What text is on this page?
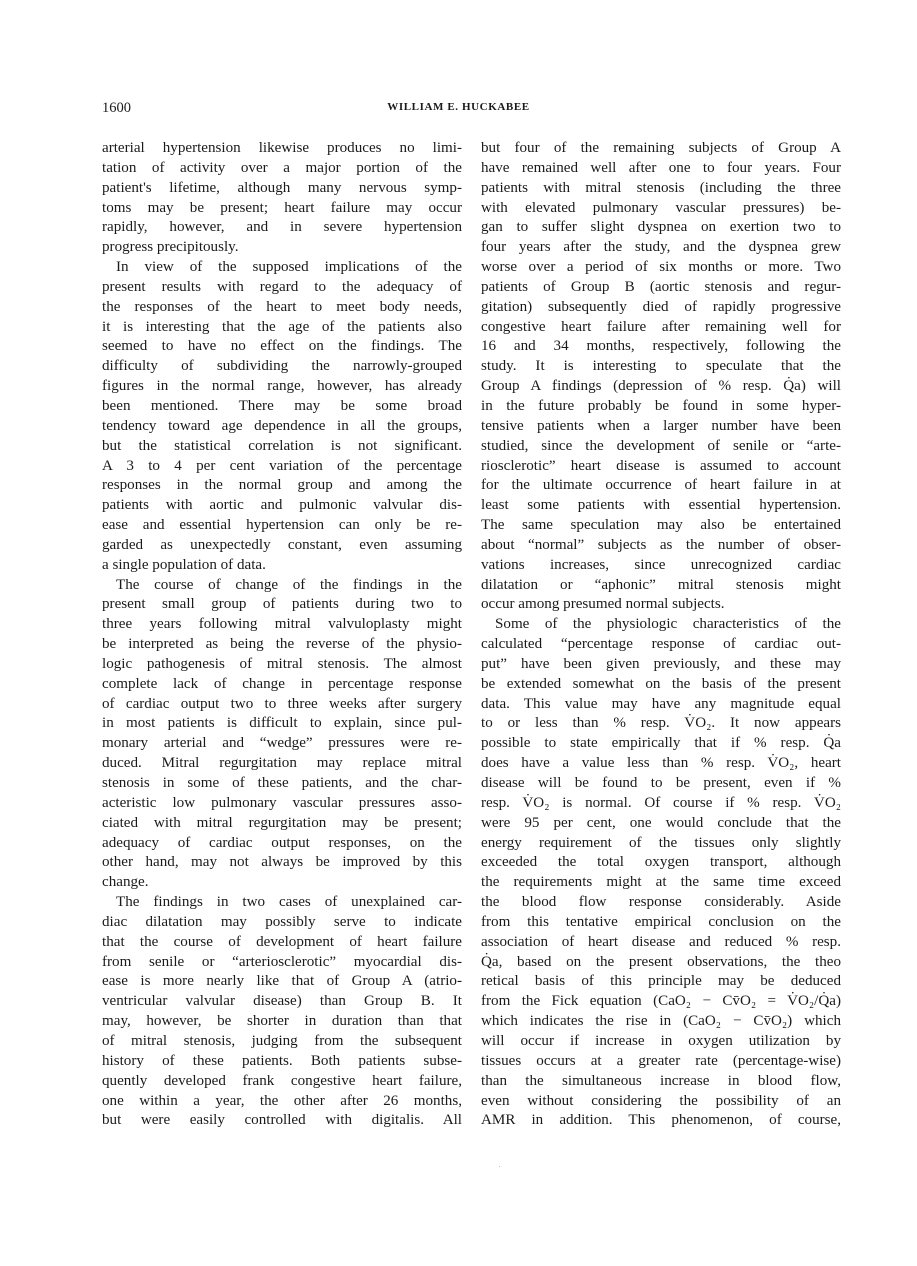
1600	WILLIAM E. HUCKABEE
arterial hypertension likewise produces no limi-
tation of activity over a major portion of the
patient's lifetime, although many nervous symp-
toms may be present; heart failure may occur
rapidly, however, and in severe hypertension
progress precipitously.
In view of the supposed implications of the
present results with regard to the adequacy of
the responses of the heart to meet body needs,
it is interesting that the age of the patients also
seemed to have no effect on the findings. The
difficulty of subdividing the narrowly-grouped
figures in the normal range, however, has already
been mentioned. There may be some broad
tendency toward age dependence in all the groups,
but the statistical correlation is not significant.
A 3 to 4 per cent variation of the percentage
responses in the normal group and among the
patients with aortic and pulmonic valvular dis-
ease and essential hypertension can only be re-
garded as unexpectedly constant, even assuming
a single population of data.
The course of change of the findings in the
present small group of patients during two to
three years following mitral valvuloplasty might
be interpreted as being the reverse of the physio-
logic pathogenesis of mitral stenosis. The almost
complete lack of change in percentage response
of cardiac output two to three weeks after surgery
in most patients is difficult to explain, since pul-
monary arterial and “wedge” pressures were re-
duced. Mitral regurgitation may replace mitral
stenosis in some of these patients, and the char-
acteristic low pulmonary vascular pressures asso-
ciated with mitral regurgitation may be present;
adequacy of cardiac output responses, on the
other hand, may not always be improved by this
change.
The findings in two cases of unexplained car-
diac dilatation may possibly serve to indicate
that the course of development of heart failure
from senile or “arteriosclerotic” myocardial dis-
ease is more nearly like that of Group A (atrio-
ventricular valvular disease) than Group B. It
may, however, be shorter in duration than that
of mitral stenosis, judging from the subsequent
history of these patients. Both patients subse-
quently developed frank congestive heart failure,
one within a year, the other after 26 months,
but were easily controlled with digitalis. All
but four of the remaining subjects of Group A
have remained well after one to four years. Four
patients with mitral stenosis (including the three
with elevated pulmonary vascular pressures) be-
gan to suffer slight dyspnea on exertion two to
four years after the study, and the dyspnea grew
worse over a period of six months or more. Two
patients of Group B (aortic stenosis and regur-
gitation) subsequently died of rapidly progressive
congestive heart failure after remaining well for
16 and 34 months, respectively, following the
study. It is interesting to speculate that the
Group A findings (depression of % resp. Q̇a) will
in the future probably be found in some hyper-
tensive patients when a larger number have been
studied, since the development of senile or “arte-
riosclerotic” heart disease is assumed to account
for the ultimate occurrence of heart failure in at
least some patients with essential hypertension.
The same speculation may also be entertained
about “normal” subjects as the number of obser-
vations increases, since unrecognized cardiac
dilatation or “aphonic” mitral stenosis might
occur among presumed normal subjects.
Some of the physiologic characteristics of the
calculated “percentage response of cardiac out-
put” have been given previously, and these may
be extended somewhat on the basis of the present
data. This value may have any magnitude equal
to or less than % resp. V̇O₂. It now appears
possible to state empirically that if % resp. Q̇a
does have a value less than % resp. V̇O₂, heart
disease will be found to be present, even if %
resp. V̇O₂ is normal. Of course if % resp. V̇O₂
were 95 per cent, one would conclude that the
energy requirement of the tissues only slightly
exceeded the total oxygen transport, although
the requirements might at the same time exceed
the blood flow response considerably. Aside
from this tentative empirical conclusion on the
association of heart disease and reduced % resp.
Q̇a, based on the present observations, the theo
retical basis of this principle may be deduced
from the Fick equation (CaO₂ − Cv̄O₂ = V̇O₂/Q̇a)
which indicates the rise in (CaO₂ − Cv̄O₂) which
will occur if increase in oxygen utilization by
tissues occurs at a greater rate (percentage-wise)
than the simultaneous increase in blood flow,
even without considering the possibility of an
AMR in addition. This phenomenon, of course,
